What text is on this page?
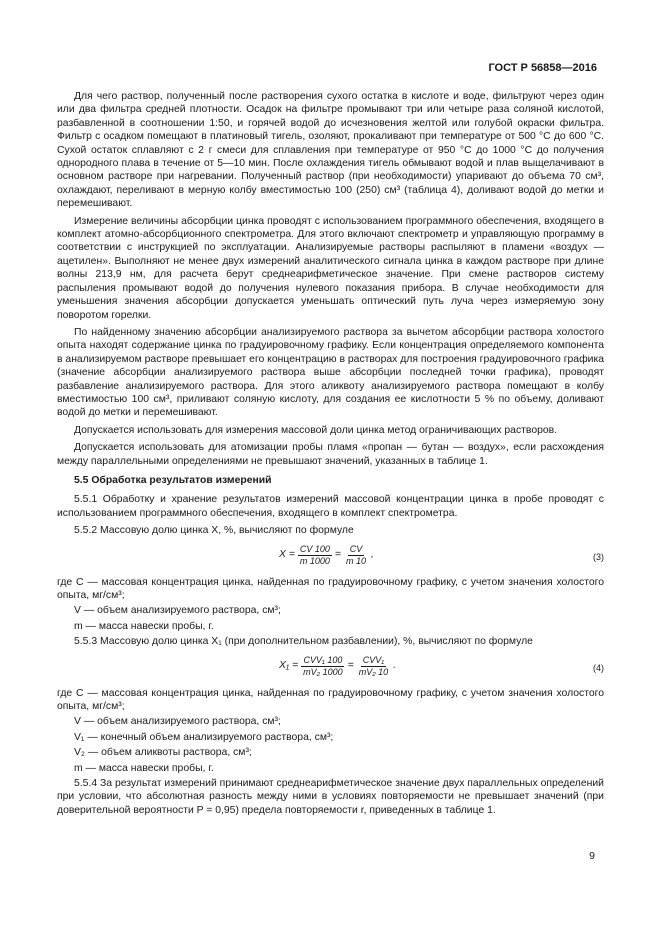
ГОСТ Р 56858—2016

Для чего раствор, полученный после растворения сухого остатка в кислоте и воде, фильтруют через один или два фильтра средней плотности. Осадок на фильтре промывают три или четыре раза соляной кислотой, разбавленной в соотношении 1:50, и горячей водой до исчезновения желтой или голубой окраски фильтра. Фильтр с осадком помещают в платиновый тигель, озоляют, прокаливают при температуре от 500 °С до 600 °С. Сухой остаток сплавляют с 2 г смеси для сплавления при температуре от 950 °С до 1000 °С до получения однородного плава в течение от 5—10 мин. После охлаждения тигель обмывают водой и плав выщелачивают в основном растворе при нагревании. Полученный раствор (при необходимости) упаривают до объема 70 см³, охлаждают, переливают в мерную колбу вместимостью 100 (250) см³ (таблица 4), доливают водой до метки и перемешивают.

Измерение величины абсорбции цинка проводят с использованием программного обеспечения, входящего в комплект атомно-абсорбционного спектрометра. Для этого включают спектрометр и управляющую программу в соответствии с инструкцией по эксплуатации. Анализируемые растворы распыляют в пламени «воздух — ацетилен». Выполняют не менее двух измерений аналитического сигнала цинка в каждом растворе при длине волны 213,9 нм, для расчета берут среднеарифметическое значение. При смене растворов систему распыления промывают водой до получения нулевого показания прибора. В случае необходимости для уменьшения значения абсорбции допускается уменьшать оптический путь луча через измеряемую зону поворотом горелки.

По найденному значению абсорбции анализируемого раствора за вычетом абсорбции раствора холостого опыта находят содержание цинка по градуировочному графику. Если концентрация определяемого компонента в анализируемом растворе превышает его концентрацию в растворах для построения градуировочного графика (значение абсорбции анализируемого раствора выше абсорбции последней точки графика), проводят разбавление анализируемого раствора. Для этого аликвоту анализируемого раствора помещают в колбу вместимостью 100 см³, приливают соляную кислоту, для создания ее кислотности 5 % по объему, доливают водой до метки и перемешивают.

Допускается использовать для измерения массовой доли цинка метод ограничивающих растворов.

Допускается использовать для атомизации пробы пламя «пропан — бутан — воздух», если расхождения между параллельными определениями не превышают значений, указанных в таблице 1.

5.5 Обработка результатов измерений

5.5.1 Обработку и хранение результатов измерений массовой концентрации цинка в пробе проводят с использованием программного обеспечения, входящего в комплект спектрометра.

5.5.2 Массовую долю цинка X, %, вычисляют по формуле

$X = \frac{CV 100}{m 1000} = \frac{CV}{m 10}$ ,	(3)

где С — массовая концентрация цинка, найденная по градуировочному графику, с учетом значения холостого опыта, мг/см³;

V — объем анализируемого раствора, см³;

m — масса навески пробы, г.

5.5.3 Массовую долю цинка X₁ (при дополнительном разбавлении), %, вычисляют по формуле

$X_1 = \frac{\text{CVV₁ 100}}{\text{mV₂ 1000}} = \frac{\text{CVV₁}}{\text{mV₂ 10}}$ .	(4)

где С — массовая концентрация цинка, найденная по градуировочному графику, с учетом значения холостого опыта, мг/см³;

V — объем анализируемого раствора, см³;

V₁ — конечный объем анализируемого раствора, см³;

V₂ — объем аликвоты раствора, см³;

m — масса навески пробы, г.

5.5.4 За результат измерений принимают среднеарифметическое значение двух параллельных определений при условии, что абсолютная разность между ними в условиях повторяемости не превышает значений (при доверительной вероятности P = 0,95) предела повторяемости r, приведенных в таблице 1.

9
